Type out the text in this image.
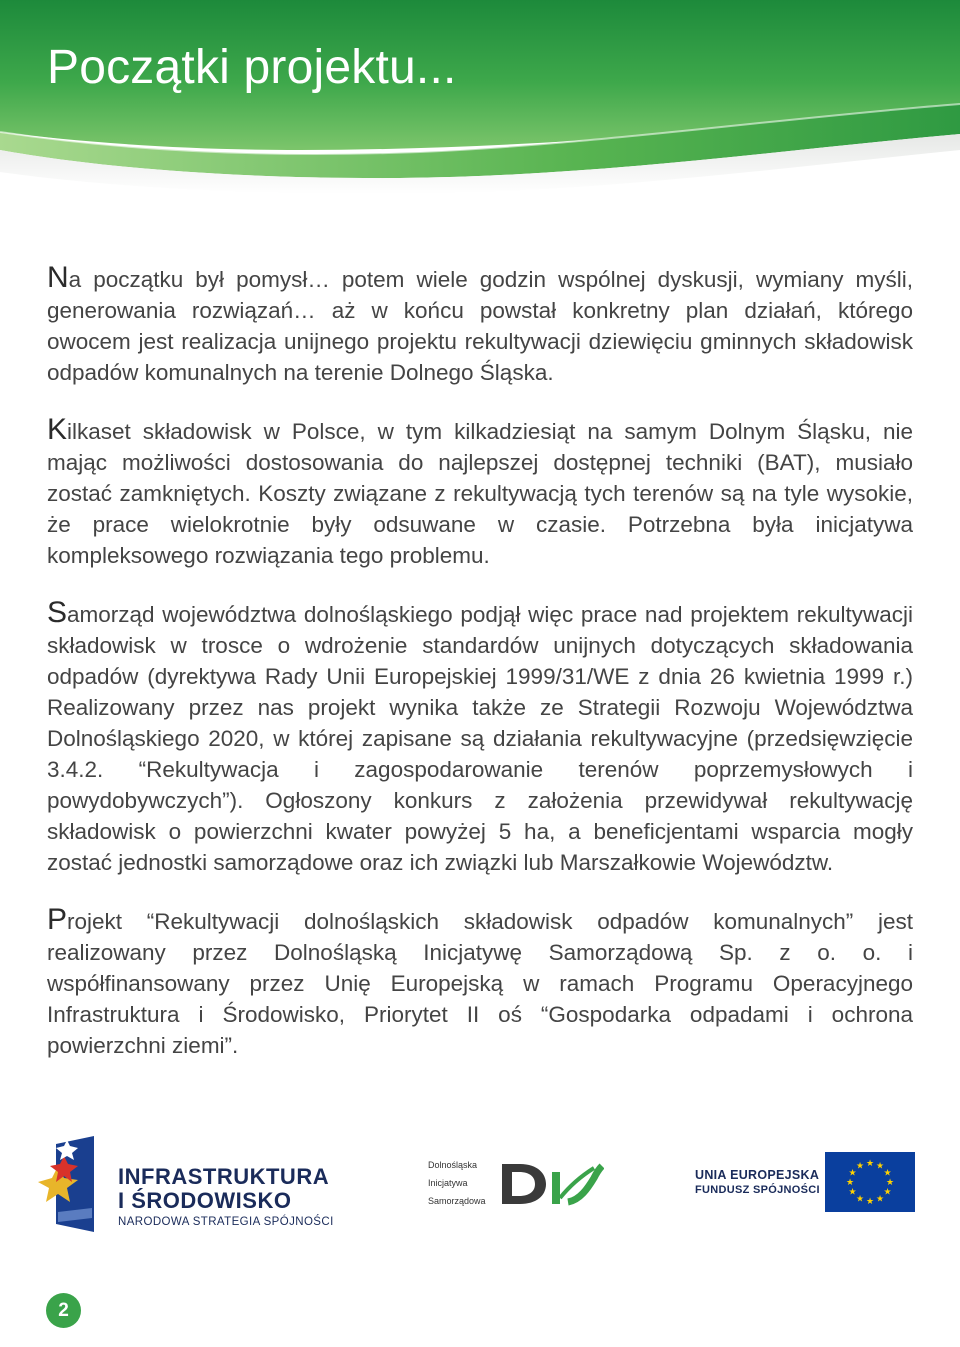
Początki projektu...

Na początku był pomysł… potem wiele godzin wspólnej dyskusji, wymiany myśli, generowania rozwiązań… aż w końcu powstał konkretny plan działań, którego owocem jest realizacja unijnego projektu rekultywacji dziewięciu gminnych składowisk odpadów komunalnych na terenie Dolnego Śląska.

Kilkaset składowisk w Polsce, w tym kilkadziesiąt na samym Dolnym Śląsku, nie mając możliwości dostosowania do najlepszej dostępnej techniki (BAT), musiało zostać zamkniętych. Koszty związane z rekultywacją tych terenów są na tyle wysokie, że prace wielokrotnie były odsuwane w czasie. Potrzebna była inicjatywa kompleksowego rozwiązania tego problemu.

Samorząd województwa dolnośląskiego podjął więc prace nad projektem rekultywacji składowisk w trosce o wdrożenie standardów unijnych dotyczących składowania odpadów (dyrektywa Rady Unii Europejskiej 1999/31/WE z dnia 26 kwietnia 1999 r.) Realizowany przez nas projekt wynika także ze Strategii Rozwoju Województwa Dolnośląskiego 2020, w której zapisane są działania rekultywacyjne (przedsięwzięcie 3.4.2. “Rekultywacja i zagospodarowanie terenów poprzemysłowych i powydobywczych”). Ogłoszony konkurs z założenia przewidywał rekultywację składowisk o powierzchni kwater powyżej 5 ha, a beneficjentami wsparcia mogły zostać jednostki samorządowe oraz ich związki lub Marszałkowie Województw.

Projekt “Rekultywacji dolnośląskich składowisk odpadów komunalnych” jest realizowany przez Dolnośląską Inicjatywę Samorządową Sp. z o. o. i współfinansowany przez Unię Europejską w ramach Programu Operacyjnego Infrastruktura i Środowisko, Priorytet II oś “Gospodarka odpadami i ochrona powierzchni ziemi”.

INFRASTRUKTURA
I ŚRODOWISKO
NARODOWA STRATEGIA SPÓJNOŚCI
Dolnośląska
Inicjatywa
Samorządowa
UNIA EUROPEJSKA
FUNDUSZ SPÓJNOŚCI
★ ★
★
★
★
★
★
★
★
★
★
★
2
